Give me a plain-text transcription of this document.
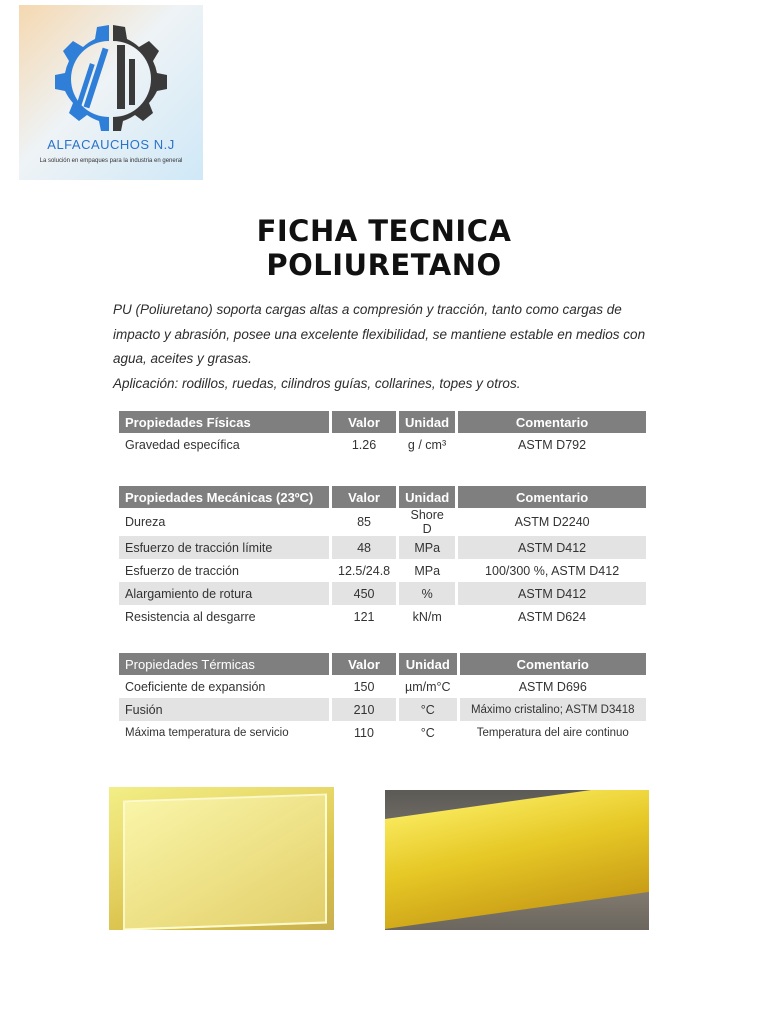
ALFACAUCHOS N.J
La solución en empaques para la industria en general
FICHA TECNICA
POLIURETANO
PU (Poliuretano) soporta cargas altas a compresión y tracción, tanto como cargas de impacto y abrasión, posee una excelente flexibilidad, se mantiene estable en medios con agua, aceites y grasas.
Aplicación: rodillos, ruedas, cilindros guías, collarines, topes y otros.
Propiedades Físicas	Valor	Unidad	Comentario
Gravedad específica	1.26	g / cm³	ASTM D792
Propiedades Mecánicas (23ºC)	Valor	Unidad	Comentario
Dureza	85	Shore D	ASTM D2240
Esfuerzo de tracción límite	48	MPa	ASTM D412
Esfuerzo de tracción	12.5/24.8	MPa	100/300 %, ASTM D412
Alargamiento de rotura	450	%	ASTM D412
Resistencia al desgarre	121	kN/m	ASTM D624
Propiedades Térmicas	Valor	Unidad	Comentario
Coeficiente de expansión	150	µm/m°C	ASTM D696
Fusión	210	°C	Máximo cristalino; ASTM D3418
Máxima temperatura de servicio	110	°C	Temperatura del aire continuo
